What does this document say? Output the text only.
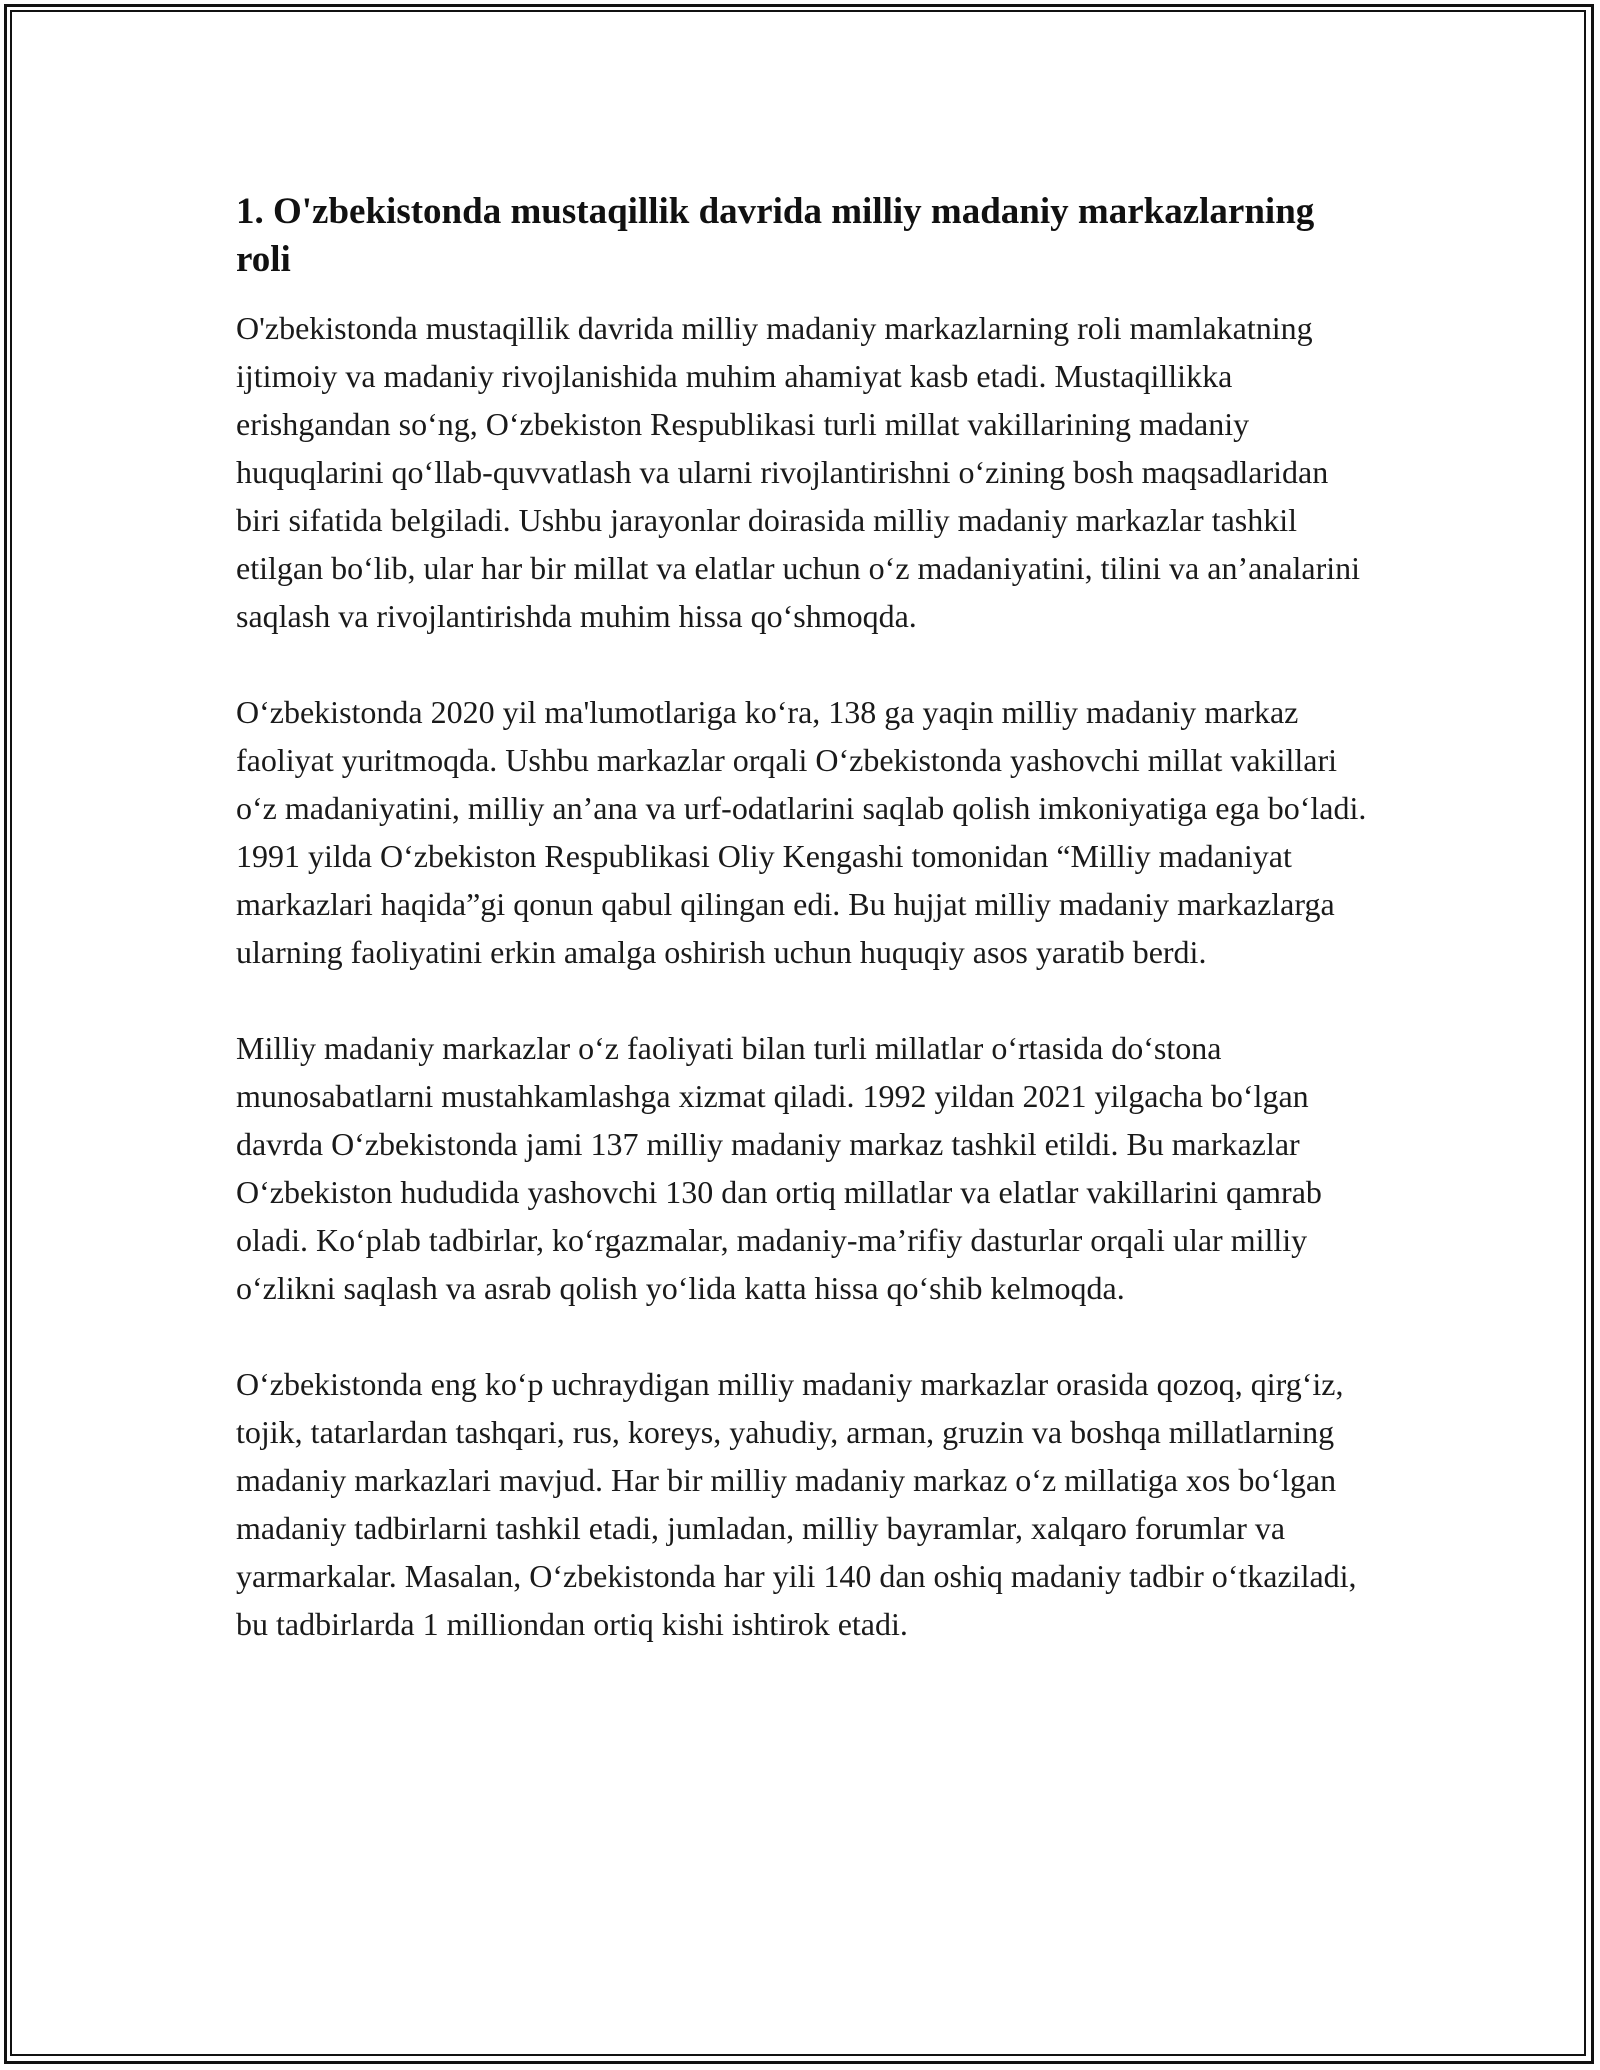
1. O'zbekistonda mustaqillik davrida milliy madaniy markazlarning roli

O'zbekistonda mustaqillik davrida milliy madaniy markazlarning roli mamlakatning ijtimoiy va madaniy rivojlanishida muhim ahamiyat kasb etadi. Mustaqillikka erishgandan so‘ng, O‘zbekiston Respublikasi turli millat vakillarining madaniy huquqlarini qo‘llab-quvvatlash va ularni rivojlantirishni o‘zining bosh maqsadlaridan biri sifatida belgiladi. Ushbu jarayonlar doirasida milliy madaniy markazlar tashkil etilgan bo‘lib, ular har bir millat va elatlar uchun o‘z madaniyatini, tilini va an’analarini saqlash va rivojlantirishda muhim hissa qo‘shmoqda.

O‘zbekistonda 2020 yil ma'lumotlariga ko‘ra, 138 ga yaqin milliy madaniy markaz faoliyat yuritmoqda. Ushbu markazlar orqali O‘zbekistonda yashovchi millat vakillari o‘z madaniyatini, milliy an’ana va urf-odatlarini saqlab qolish imkoniyatiga ega bo‘ladi. 1991 yilda O‘zbekiston Respublikasi Oliy Kengashi tomonidan “Milliy madaniyat markazlari haqida”gi qonun qabul qilingan edi. Bu hujjat milliy madaniy markazlarga ularning faoliyatini erkin amalga oshirish uchun huquqiy asos yaratib berdi.

Milliy madaniy markazlar o‘z faoliyati bilan turli millatlar o‘rtasida do‘stona munosabatlarni mustahkamlashga xizmat qiladi. 1992 yildan 2021 yilgacha bo‘lgan davrda O‘zbekistonda jami 137 milliy madaniy markaz tashkil etildi. Bu markazlar O‘zbekiston hududida yashovchi 130 dan ortiq millatlar va elatlar vakillarini qamrab oladi. Ko‘plab tadbirlar, ko‘rgazmalar, madaniy-ma’rifiy dasturlar orqali ular milliy o‘zlikni saqlash va asrab qolish yo‘lida katta hissa qo‘shib kelmoqda.

O‘zbekistonda eng ko‘p uchraydigan milliy madaniy markazlar orasida qozoq, qirg‘iz, tojik, tatarlardan tashqari, rus, koreys, yahudiy, arman, gruzin va boshqa millatlarning madaniy markazlari mavjud. Har bir milliy madaniy markaz o‘z millatiga xos bo‘lgan madaniy tadbirlarni tashkil etadi, jumladan, milliy bayramlar, xalqaro forumlar va yarmarkalar. Masalan, O‘zbekistonda har yili 140 dan oshiq madaniy tadbir o‘tkaziladi, bu tadbirlarda 1 milliondan ortiq kishi ishtirok etadi.
